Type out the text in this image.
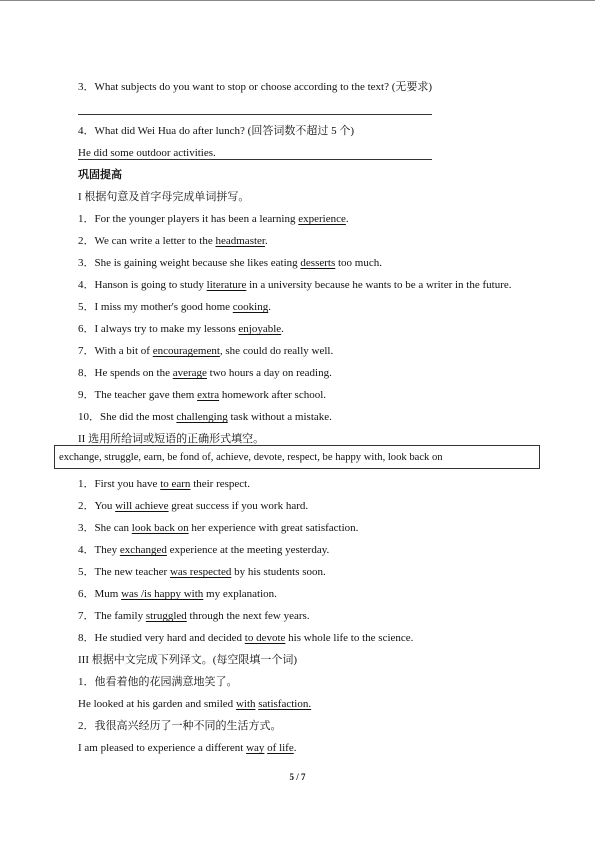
3．What subjects do you want to stop or choose according to the text? (无要求)
4．What did Wei Hua do after lunch? (回答词数不超过 5 个)
He did some outdoor activities.
巩固提高
I 根据句意及首字母完成单词拼写。
1．For the younger players it has been a learning experience.
2．We can write a letter to the headmaster.
3．She is gaining weight because she likes eating desserts too much.
4．Hanson is going to study literature in a university because he wants to be a writer in the future.
5．I miss my mother's good home cooking.
6．I always try to make my lessons enjoyable.
7．With a bit of encouragement, she could do really well.
8．He spends on the average two hours a day on reading.
9．The teacher gave them extra homework after school.
10．She did the most challenging task without a mistake.
II 选用所给词或短语的正确形式填空。
exchange, struggle, earn, be fond of, achieve, devote, respect, be happy with, look back on
1．First you have to earn their respect.
2．You will achieve great success if you work hard.
3．She can look back on her experience with great satisfaction.
4．They exchanged experience at the meeting yesterday.
5．The new teacher was respected by his students soon.
6．Mum was /is happy with my explanation.
7．The family struggled through the next few years.
8．He studied very hard and decided to devote his whole life to the science.
III 根据中文完成下列译文。(每空限填一个词)
1．他看着他的花园满意地笑了。
He looked at his garden and smiled with satisfaction.
2．我很高兴经历了一种不同的生活方式。
I am pleased to experience a different way of life.
5 / 7
